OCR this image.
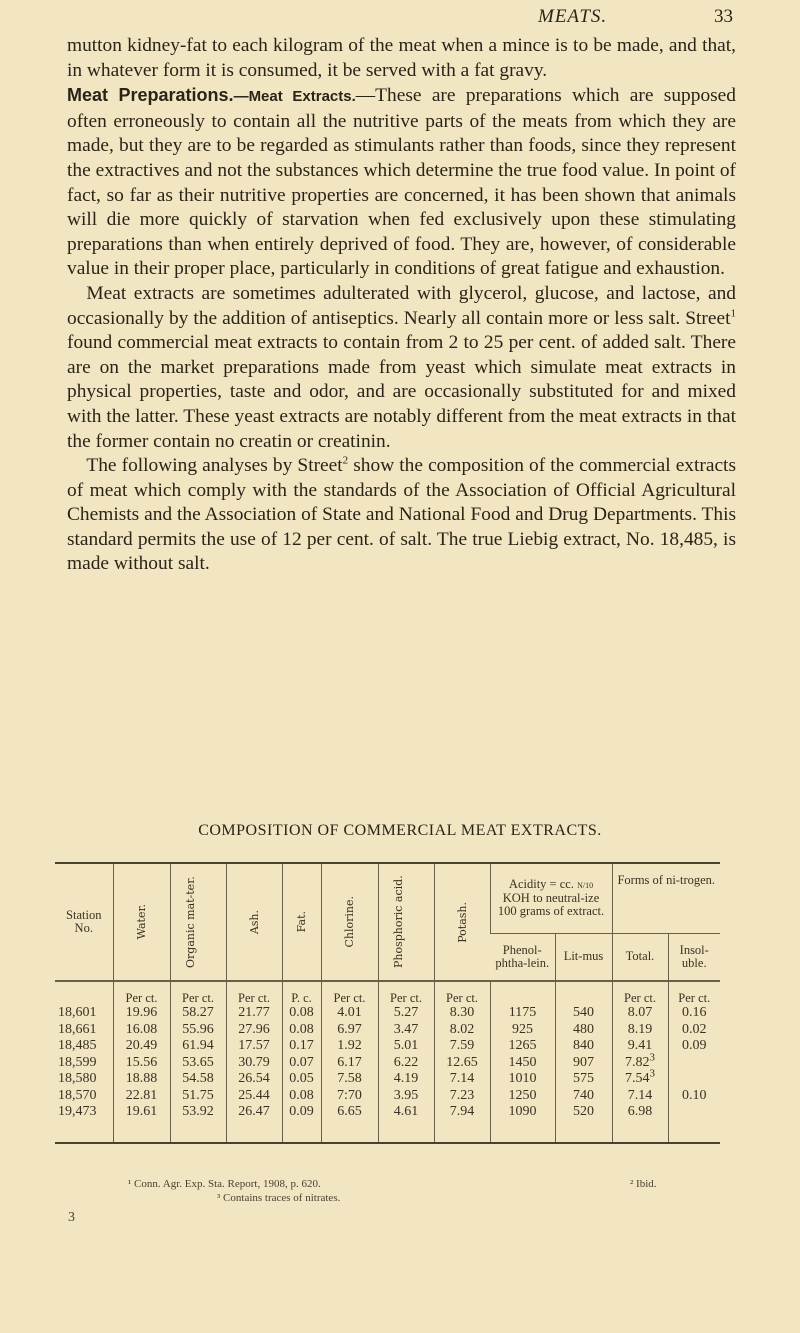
MEATS.	33

mutton kidney-fat to each kilogram of the meat when a mince is to be made, and that, in whatever form it is consumed, it be served with a fat gravy.

Meat Preparations.—Meat Extracts.—These are preparations which are supposed often erroneously to contain all the nutritive parts of the meats from which they are made, but they are to be regarded as stimulants rather than foods, since they represent the extractives and not the substances which determine the true food value. In point of fact, so far as their nutritive properties are concerned, it has been shown that animals will die more quickly of starvation when fed exclusively upon these stimulating preparations than when entirely deprived of food. They are, however, of considerable value in their proper place, particularly in conditions of great fatigue and exhaustion.

 Meat extracts are sometimes adulterated with glycerol, glucose, and lactose, and occasionally by the addition of antiseptics. Nearly all contain more or less salt. Street$^1$ found commercial meat extracts to contain from 2 to 25 per cent. of added salt. There are on the market preparations made from yeast which simulate meat extracts in physical properties, taste and odor, and are occasionally substituted for and mixed with the latter. These yeast extracts are notably different from the meat extracts in that the former contain no creatin or creatinin.

 The following analyses by Street$^2$ show the composition of the commercial extracts of meat which comply with the standards of the Association of Official Agricultural Chemists and the Association of State and National Food and Drug Departments. This standard permits the use of 12 per cent. of salt. The true Liebig extract, No. 18,485, is made without salt.

COMPOSITION OF COMMERCIAL MEAT EXTRACTS.
Station No.	Water.	Organic mat-ter.	Ash.	Fat.	Chlorine.	Phosphoric acid.	Potash.	Acidity = cc. N/10
KOH to neutral-ize 100 grams of extract.		Forms of ni-trogen.	
								Phenol-phtha-lein.	Lit-mus	Total.	Insol-uble.
	Per ct.	Per ct.	Per ct.	P. c.	Per ct.	Per ct.	Per ct.			Per ct.	Per ct.
18,601	19.96	58.27	21.77	0.08	4.01	5.27	8.30	1175	540	8.07	0.16
18,661	16.08	55.96	27.96	0.08	6.97	3.47	8.02	925	480	8.19	0.02
18,485	20.49	61.94	17.57	0.17	1.92	5.01	7.59	1265	840	9.41	0.09
18,599	15.56	53.65	30.79	0.07	6.17	6.22	12.65	1450	907	7.82$^3$	
18,580	18.88	54.58	26.54	0.05	7.58	4.19	7.14	1010	575	7.54$^3$	
18,570	22.81	51.75	25.44	0.08	7:70	3.95	7.23	1250	740	7.14	0.10
19,473	19.61	53.92	26.47	0.09	6.65	4.61	7.94	1090	520	6.98	
¹ Conn. Agr. Exp. Sta. Report, 1908, p. 620.	² Ibid.
³ Contains traces of nitrates.
3
